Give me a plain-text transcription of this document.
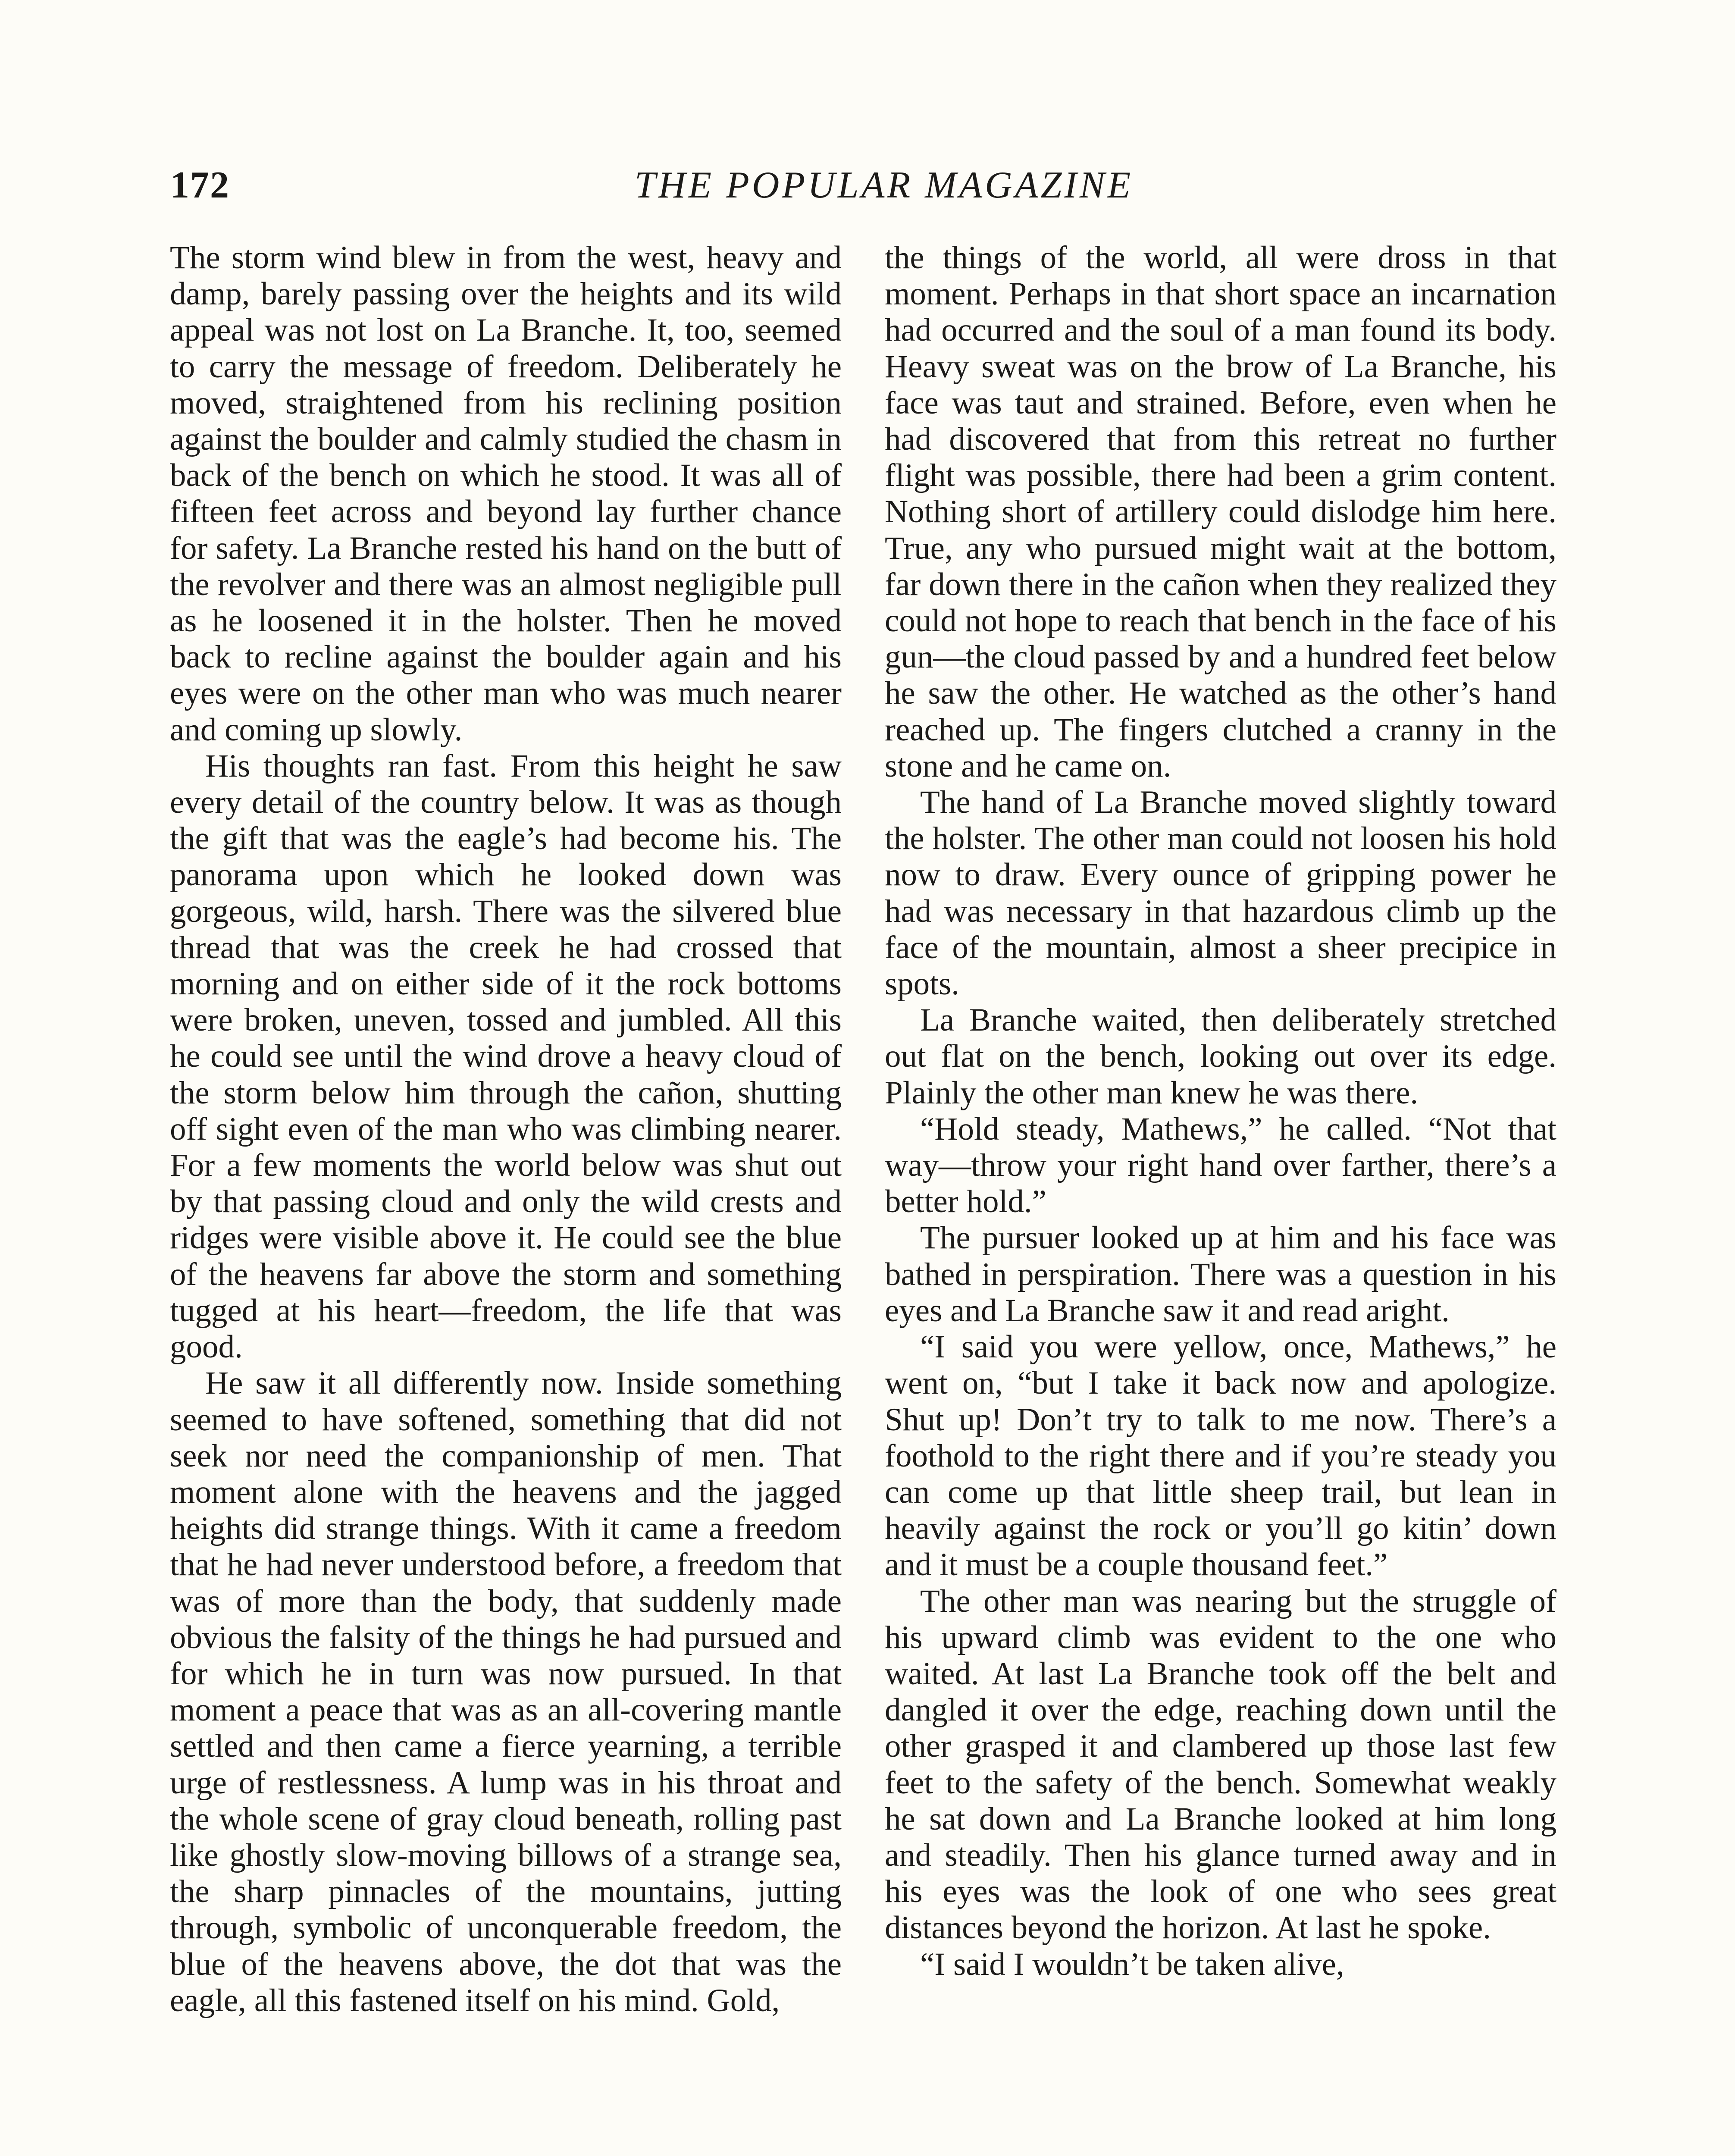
172	THE POPULAR MAGAZINE

The storm wind blew in from the west, heavy and damp, barely passing over the heights and its wild appeal was not lost on La Branche. It, too, seemed to carry the message of freedom. Deliberately he moved, straightened from his reclining position against the boulder and calmly studied the chasm in back of the bench on which he stood. It was all of fifteen feet across and beyond lay further chance for safety. La Branche rested his hand on the butt of the revolver and there was an almost negligible pull as he loosened it in the holster. Then he moved back to recline against the boulder again and his eyes were on the other man who was much nearer and coming up slowly.

His thoughts ran fast. From this height he saw every detail of the country below. It was as though the gift that was the eagle’s had become his. The panorama upon which he looked down was gorgeous, wild, harsh. There was the silvered blue thread that was the creek he had crossed that morning and on either side of it the rock bottoms were broken, uneven, tossed and jumbled. All this he could see until the wind drove a heavy cloud of the storm below him through the cañon, shutting off sight even of the man who was climbing nearer. For a few moments the world below was shut out by that passing cloud and only the wild crests and ridges were visible above it. He could see the blue of the heavens far above the storm and something tugged at his heart—freedom, the life that was good.

He saw it all differently now. Inside something seemed to have softened, something that did not seek nor need the companionship of men. That moment alone with the heavens and the jagged heights did strange things. With it came a freedom that he had never understood before, a freedom that was of more than the body, that suddenly made obvious the falsity of the things he had pursued and for which he in turn was now pursued. In that moment a peace that was as an all-covering mantle settled and then came a fierce yearning, a terrible urge of restlessness. A lump was in his throat and the whole scene of gray cloud beneath, rolling past like ghostly slow-moving billows of a strange sea, the sharp pinnacles of the mountains, jutting through, symbolic of unconquerable freedom, the blue of the heavens above, the dot that was the eagle, all this fastened itself on his mind. Gold,

the things of the world, all were dross in that moment. Perhaps in that short space an incarnation had occurred and the soul of a man found its body. Heavy sweat was on the brow of La Branche, his face was taut and strained. Before, even when he had discovered that from this retreat no further flight was possible, there had been a grim content. Nothing short of artillery could dislodge him here. True, any who pursued might wait at the bottom, far down there in the cañon when they realized they could not hope to reach that bench in the face of his gun—the cloud passed by and a hundred feet below he saw the other. He watched as the other’s hand reached up. The fingers clutched a cranny in the stone and he came on.

The hand of La Branche moved slightly toward the holster. The other man could not loosen his hold now to draw. Every ounce of gripping power he had was necessary in that hazardous climb up the face of the mountain, almost a sheer precipice in spots.

La Branche waited, then deliberately stretched out flat on the bench, looking out over its edge. Plainly the other man knew he was there.

“Hold steady, Mathews,” he called. “Not that way—throw your right hand over farther, there’s a better hold.”

The pursuer looked up at him and his face was bathed in perspiration. There was a question in his eyes and La Branche saw it and read aright.

“I said you were yellow, once, Mathews,” he went on, “but I take it back now and apologize. Shut up! Don’t try to talk to me now. There’s a foothold to the right there and if you’re steady you can come up that little sheep trail, but lean in heavily against the rock or you’ll go kitin’ down and it must be a couple thousand feet.”

The other man was nearing but the struggle of his upward climb was evident to the one who waited. At last La Branche took off the belt and dangled it over the edge, reaching down until the other grasped it and clambered up those last few feet to the safety of the bench. Somewhat weakly he sat down and La Branche looked at him long and steadily. Then his glance turned away and in his eyes was the look of one who sees great distances beyond the horizon. At last he spoke.

“I said I wouldn’t be taken alive,
